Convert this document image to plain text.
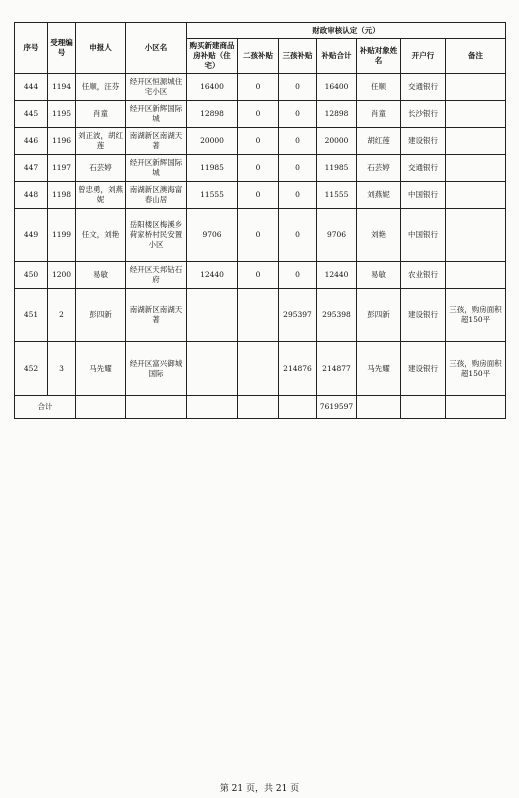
序号	受理编号	申报人	小区名	财政审核认定（元）						
				购买新建商品房补贴（住宅）	二孩补贴	三孩补贴	补贴合计	补贴对象姓名	开户行	备注
444	1194	任顺，汪芬	经开区恒源城住宅小区	16400	0	0	16400	任顺	交通银行	
445	1195	肖童	经开区新辉国际城	12898	0	0	12898	肖童	长沙银行	
446	1196	刘正波，胡红莲	南湖新区南湖天著	20000	0	0	20000	胡红莲	建设银行	
447	1197	石芸婷	经开区新辉国际城	11985	0	0	11985	石芸婷	交通银行	
448	1198	曾忠勇，刘燕妮	南湖新区澳海富春山居	11555	0	0	11555	刘燕妮	中国银行	
449	1199	任文，刘艳	岳阳楼区梅溪乡荷家桥村民安置小区	9706	0	0	9706	刘艳	中国银行	
450	1200	易敏	经开区天邦钻石府	12440	0	0	12440	易敏	农业银行	
451	2	彭四新	南湖新区南湖天著			295397	295398	彭四新	建设银行	三孩，购房面积超150平
452	3	马先耀	经开区富兴御城国际			214876	214877	马先耀	建设银行	三孩，购房面积超150平
合计							7619597			
第 21 页，共 21 页
